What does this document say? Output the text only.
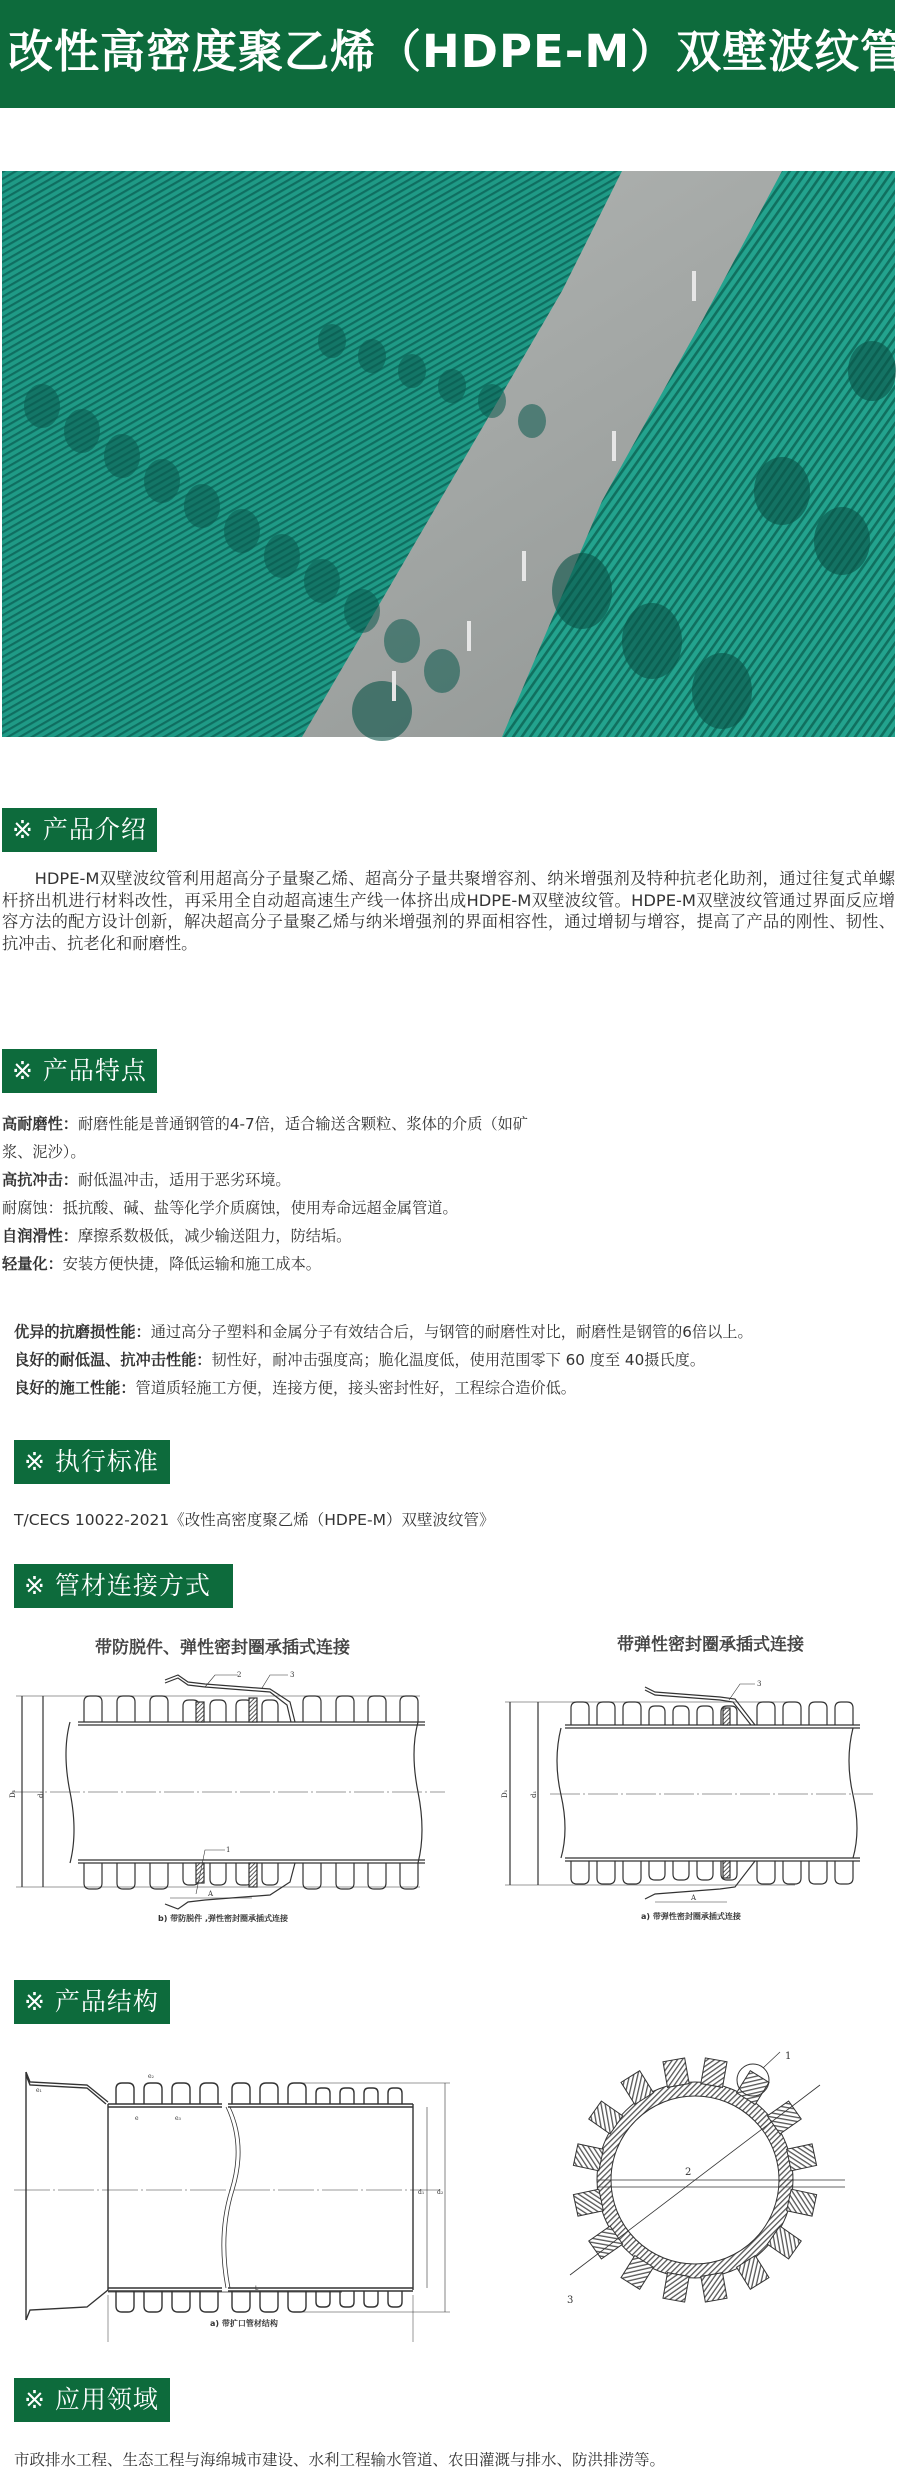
改性高密度聚乙烯（HDPE-M）双壁波纹管
※ 产品介绍

HDPE-M双壁波纹管利用超高分子量聚乙烯、超高分子量共聚增容剂、纳米增强剂及特种抗老化助剂，通过往复式单螺杆挤出机进行材料改性，再采用全自动超高速生产线一体挤出成HDPE-M双壁波纹管。HDPE-M双壁波纹管通过界面反应增容方法的配方设计创新，解决超高分子量聚乙烯与纳米增强剂的界面相容性，通过增韧与增容，提高了产品的刚性、韧性、抗冲击、抗老化和耐磨性。

※ 产品特点
高耐磨性：耐磨性能是普通钢管的4-7倍，适合输送含颗粒、浆体的介质（如矿
浆、泥沙）。
高抗冲击：耐低温冲击，适用于恶劣环境。
耐腐蚀：抵抗酸、碱、盐等化学介质腐蚀，使用寿命远超金属管道。
自润滑性：摩擦系数极低，减少输送阻力，防结垢。
轻量化：安装方便快捷，降低运输和施工成本。
优异的抗磨损性能：通过高分子塑料和金属分子有效结合后，与钢管的耐磨性对比，耐磨性是钢管的6倍以上。
良好的耐低温、抗冲击性能：韧性好，耐冲击强度高；脆化温度低，使用范围零下 60 度至 40摄氏度。
良好的施工性能：管道质轻施工方便，连接方便，接头密封性好，工程综合造价低。
※ 执行标准
T/CECS 10022-2021《改性高密度聚乙烯（HDPE-M）双壁波纹管》
※ 管材连接方式
带防脱件、弹性密封圈承插式连接
2	3
1
D₁	d₁
A
b) 带防脱件 ,弹性密封圈承插式连接
带弹性密封圈承插式连接
3
D₁	d₁
A
a) 带弹性密封圈承插式连接
※ 产品结构
e₁
e₂
e₃
e
d₁ d₂
L
a) 带扩口管材结构
1
2
3
※ 应用领域
市政排水工程、生态工程与海绵城市建设、水利工程输水管道、农田灌溉与排水、防洪排涝等。
